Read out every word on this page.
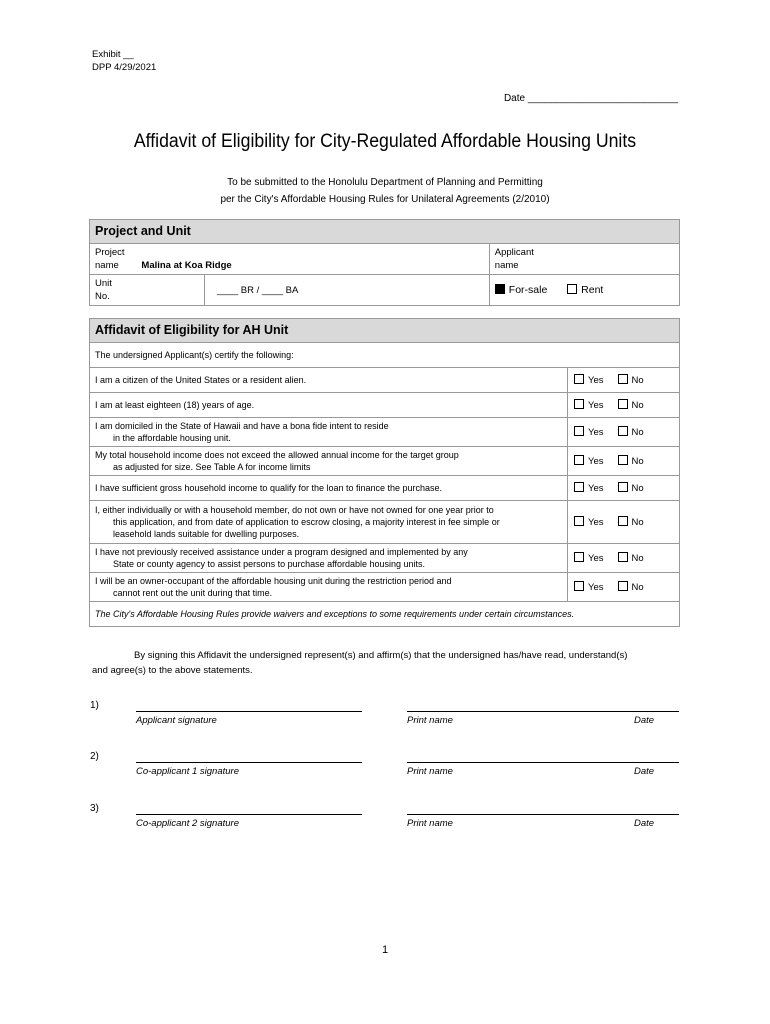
Exhibit __
DPP 4/29/2021
Date ___________________________
Affidavit of Eligibility for City-Regulated Affordable Housing Units
To be submitted to the Honolulu Department of Planning and Permitting
per the City's Affordable Housing Rules for Unilateral Agreements (2/2010)
Project and Unit		
Project
name Malina at Koa Ridge		Applicant
name
Unit
No.	____ BR / ____ BA	For-sale Rent
Affidavit of Eligibility for AH Unit	
The undersigned Applicant(s) certify the following:	
I am a citizen of the United States or a resident alien.	Yes No
I am at least eighteen (18) years of age.	Yes No
I am domiciled in the State of Hawaii and have a bona fide intent to reside
in the affordable housing unit.	Yes No
My total household income does not exceed the allowed annual income for the target group
as adjusted for size. See Table A for income limits	Yes No
I have sufficient gross household income to qualify for the loan to finance the purchase.	Yes No
I, either individually or with a household member, do not own or have not owned for one year prior to
this application, and from date of application to escrow closing, a majority interest in fee simple or
leasehold lands suitable for dwelling purposes.	Yes No
I have not previously received assistance under a program designed and implemented by any
State or county agency to assist persons to purchase affordable housing units.	Yes No
I will be an owner-occupant of the affordable housing unit during the restriction period and
cannot rent out the unit during that time.	Yes No
The City's Affordable Housing Rules provide waivers and exceptions to some requirements under certain circumstances.	
By signing this Affidavit the undersigned represent(s) and affirm(s) that the undersigned has/have read, understand(s)
and agree(s) to the above statements.
1)
Applicant signature	Print name	Date
2)
Co-applicant 1 signature	Print name	Date
3)
Co-applicant 2 signature	Print name	Date
1
